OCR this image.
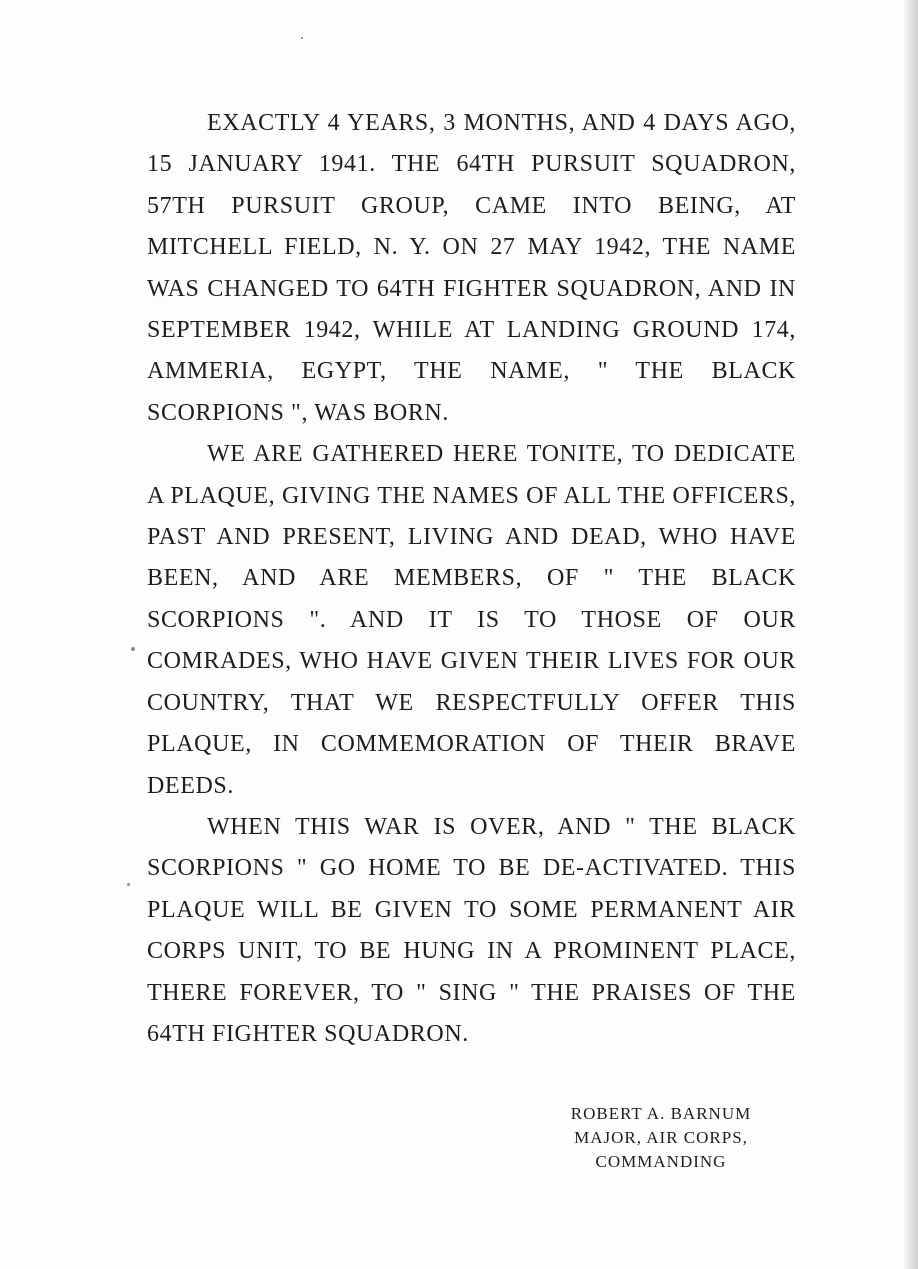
EXACTLY 4 YEARS, 3 MONTHS, AND 4 DAYS AGO, 15 JANUARY 1941. THE 64TH PURSUIT SQUADRON, 57TH PURSUIT GROUP, CAME INTO BEING, AT MITCHELL FIELD, N. Y. ON 27 MAY 1942, THE NAME WAS CHANGED TO 64TH FIGHTER SQUADRON, AND IN SEPTEMBER 1942, WHILE AT LANDING GROUND 174, AMMERIA, EGYPT, THE NAME, " THE BLACK SCORPIONS ", WAS BORN.

WE ARE GATHERED HERE TONITE, TO DEDICATE A PLAQUE, GIVING THE NAMES OF ALL THE OFFICERS, PAST AND PRESENT, LIVING AND DEAD, WHO HAVE BEEN, AND ARE MEMBERS, OF " THE BLACK SCORPIONS ". AND IT IS TO THOSE OF OUR COMRADES, WHO HAVE GIVEN THEIR LIVES FOR OUR COUNTRY, THAT WE RESPECTFULLY OFFER THIS PLAQUE, IN COMMEMORATION OF THEIR BRAVE DEEDS.

WHEN THIS WAR IS OVER, AND " THE BLACK SCORPIONS " GO HOME TO BE DE-ACTIVATED. THIS PLAQUE WILL BE GIVEN TO SOME PERMANENT AIR CORPS UNIT, TO BE HUNG IN A PROMINENT PLACE, THERE FOREVER, TO " SING " THE PRAISES OF THE 64TH FIGHTER SQUADRON.

ROBERT A. BARNUM
MAJOR, AIR CORPS,
COMMANDING
